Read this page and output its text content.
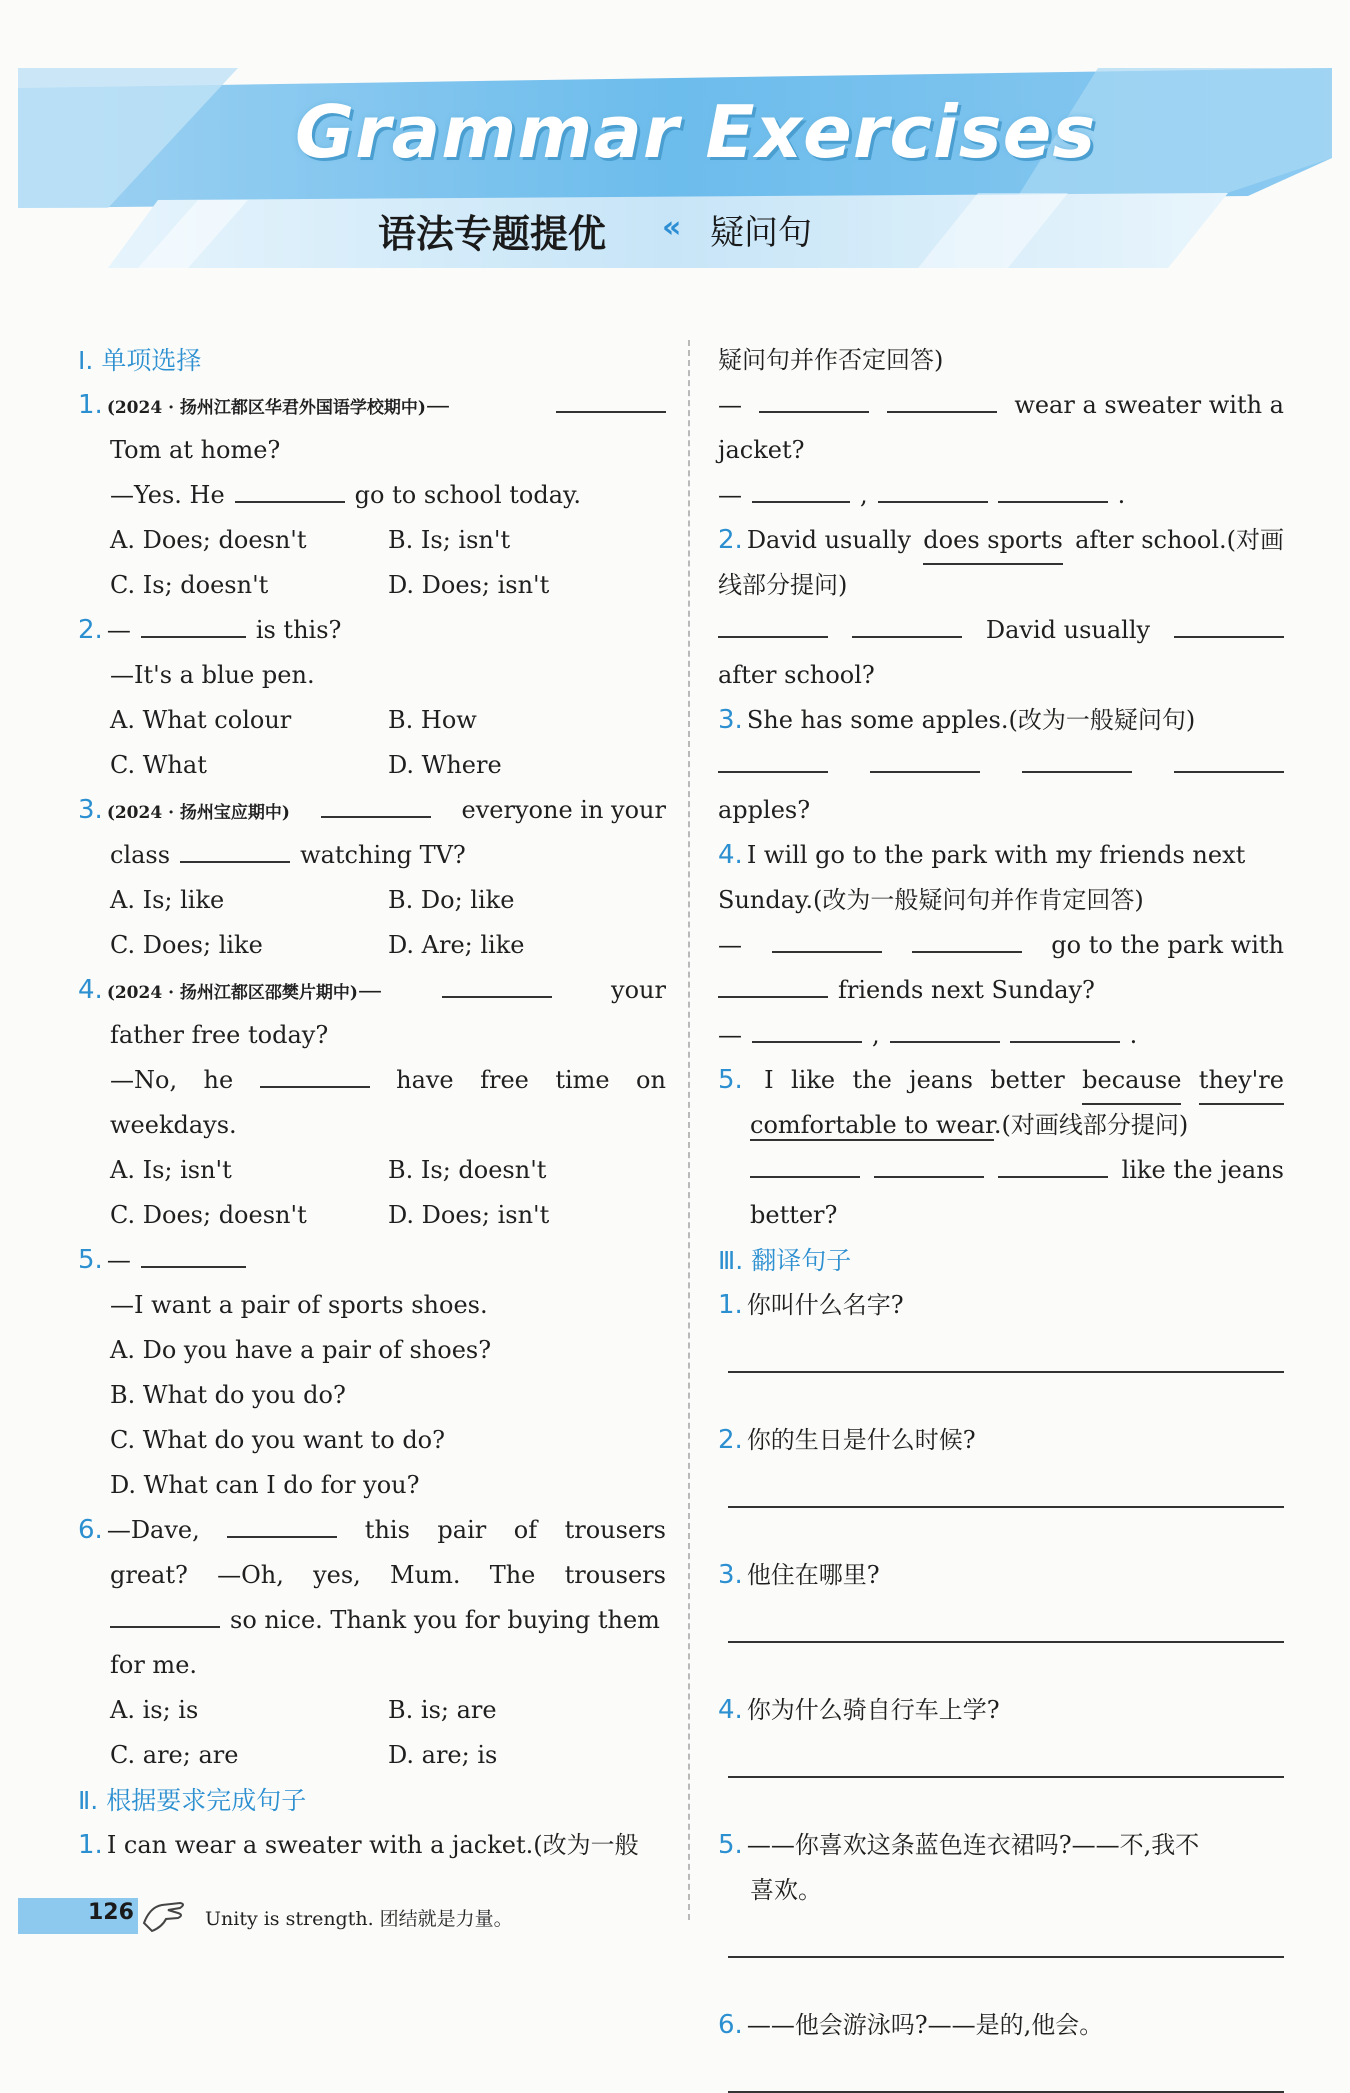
Grammar Exercises
语法专题提优 « 疑问句
Ⅰ. 单项选择
1. (2024 · 扬州江都区华君外国语学校期中)—
Tom at home?
—Yes. He	go to school today.
A. Does; doesn't	B. Is; isn't
C. Is; doesn't	D. Does; isn't
2. —	is this?
—It's a blue pen.
A. What colour	B. How
C. What	D. Where
3. (2024 · 扬州宝应期中)	everyone in your
class	watching TV?
A. Is; like	B. Do; like
C. Does; like	D. Are; like
4. (2024 · 扬州江都区邵樊片期中)—	your
father free today?
—No, he	have free time on
weekdays.
A. Is; isn't	B. Is; doesn't
C. Does; doesn't	D. Does; isn't
5. —
—I want a pair of sports shoes.
A. Do you have a pair of shoes?
B. What do you do?
C. What do you want to do?
D. What can I do for you?
6. —Dave,	this pair of trousers
great? —Oh, yes, Mum. The trousers
so nice. Thank you for buying them
for me.
A. is; is	B. is; are
C. are; are	D. are; is
Ⅱ. 根据要求完成句子
1. I can wear a sweater with a jacket.(改为一般
疑问句并作否定回答)
—	wear a sweater with a
jacket?
—	,	.
2. David usually does sports after school.(对画
线部分提问)
David usually
after school?
3. She has some apples.(改为一般疑问句)
apples?
4. I will go to the park with my friends next
Sunday.(改为一般疑问句并作肯定回答)
—	go to the park with
friends next Sunday?
—	,	.
5. I like the jeans better because they're
comfortable to wear.(对画线部分提问)
like the jeans
better?
Ⅲ. 翻译句子
1. 你叫什么名字?
2. 你的生日是什么时候?
3. 他住在哪里?
4. 你为什么骑自行车上学?
5. ——你喜欢这条蓝色连衣裙吗?——不,我不
喜欢。
6. ——他会游泳吗?——是的,他会。
126	Unity is strength. 团结就是力量。
